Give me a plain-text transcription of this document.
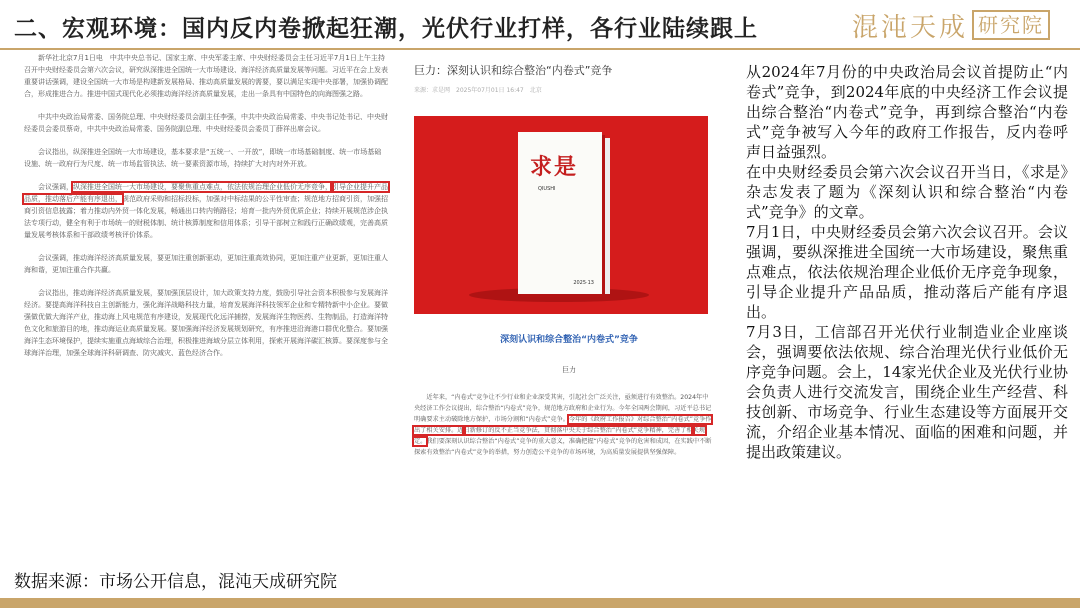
二、宏观环境：国内反内卷掀起狂潮，光伏行业打样，各行业陆续跟上	混沌天成 研究院

新华社北京7月1日电　中共中央总书记、国家主席、中央军委主席、中央财经委员会主任习近平7月1日上午主持召开中央财经委员会第六次会议，研究纵深推进全国统一大市场建设、海洋经济高质量发展等问题。习近平在会上发表重要讲话强调，建设全国统一大市场是构建新发展格局、推动高质量发展的需要，要以满足实现中央部署，加强协调配合，形成推进合力。推进中国式现代化必须推动海洋经济高质量发展，走出一条具有中国特色的向海图强之路。

中共中央政治局常委、国务院总理、中央财经委员会副主任李强，中共中央政治局常委、中央书记处书记、中央财经委员会委员蔡奇，中共中央政治局常委、国务院副总理、中央财经委员会委员丁薛祥出席会议。

会议指出，纵深推进全国统一大市场建设，基本要求是“五统一、一开放”，即统一市场基础制度、统一市场基础设施、统一政府行为尺度、统一市场监管执法、统一要素资源市场，持续扩大对内对外开放。

会议强调，纵深推进全国统一大市场建设，要聚焦重点难点，依法依规治理企业低价无序竞争，引导企业提升产品品质，推动落后产能有序退出，规范政府采购和招标投标，加强对中标结果的公平性审查；规范地方招商引资，加强招商引资信息披露；着力推动内外贸一体化发展，畅通出口转内销路径；培育一批内外贸优质企业；持续开展规范涉企执法专项行动，健全有利于市场统一的财税体制、统计核算制度和信用体系；引导干部树立和践行正确政绩观，完善高质量发展考核体系和干部政绩考核评价体系。

会议强调，推动海洋经济高质量发展，要更加注重创新驱动，更加注重高效协同，更加注重产业更新，更加注重人海和谐，更加注重合作共赢。

会议指出，推动海洋经济高质量发展，要加强顶层设计，加大政策支持力度，鼓励引导社会资本积极参与发展海洋经济。要提高海洋科技自主创新能力，强化海洋战略科技力量，培育发展海洋科技领军企业和专精特新中小企业。要做强做优做大海洋产业，推动海上风电规范有序建设，发展现代化远洋捕捞，发展海洋生物医药、生物制品，打造海洋特色文化和旅游目的地，推动海运业高质量发展。要加强海洋经济发展规划研究，有序推进沿海港口群优化整合。要加强海洋生态环境保护，提续实施重点海域综合治理，积极推进海域分层立体利用，探索开展海洋碳汇核算。要深度参与全球海洋治理，加强全球海洋科研调查、防灾减灾、蓝色经济合作。

巨力：深刻认识和综合整治“内卷式”竞争
来源：求是网　2025年07月01日 16:47　北京
求是
QIUSHI
2025·13
深刻认识和综合整治“内卷式”竞争
巨力

近年来，“内卷式”竞争让不少行业和企业深受其害，引起社会广泛关注，亟须进行有效整治。2024年中央经济工作会议提出，综合整治“内卷式”竞争，规范地方政府和企业行为。今年全国两会期间，习近平总书记明确要求主动破除地方保护，市场分割和“内卷式”竞争。今年的《政府工作报告》对综合整治“内卷式”竞争作出了相关安排。近日新修订的反不正当竞争法，贯彻落中央关于综合整治“内卷式”竞争精神，完善了相关规定。我们要深刻认识综合整治“内卷式”竞争的重大意义，准确把握“内卷式”竞争的危害和成因，在实践中不断探索有效整治“内卷式”竞争的举措，努力创造公平竞争的市场环境，为高质量发展提供坚强保障。

从2024年7月份的中央政治局会议首提防止“内卷式”竞争，到2024年底的中央经济工作会议提出综合整治“内卷式”竞争，再到综合整治“内卷式”竞争被写入今年的政府工作报告，反内卷呼声日益强烈。

在中央财经委员会第六次会议召开当日，《求是》杂志发表了题为《深刻认识和综合整治“内卷式”竞争》的文章。

7月1日，中央财经委员会第六次会议召开。会议强调，要纵深推进全国统一大市场建设，聚焦重点难点，依法依规治理企业低价无序竞争现象，引导企业提升产品品质，推动落后产能有序退出。

7月3日，工信部召开光伏行业制造业企业座谈会，强调要依法依规、综合治理光伏行业低价无序竞争问题。会上，14家光伏企业及光伏行业协会负责人进行交流发言，围绕企业生产经营、科技创新、市场竞争、行业生态建设等方面展开交流，介绍企业基本情况、面临的困难和问题，并提出政策建议。

数据来源：市场公开信息，混沌天成研究院
